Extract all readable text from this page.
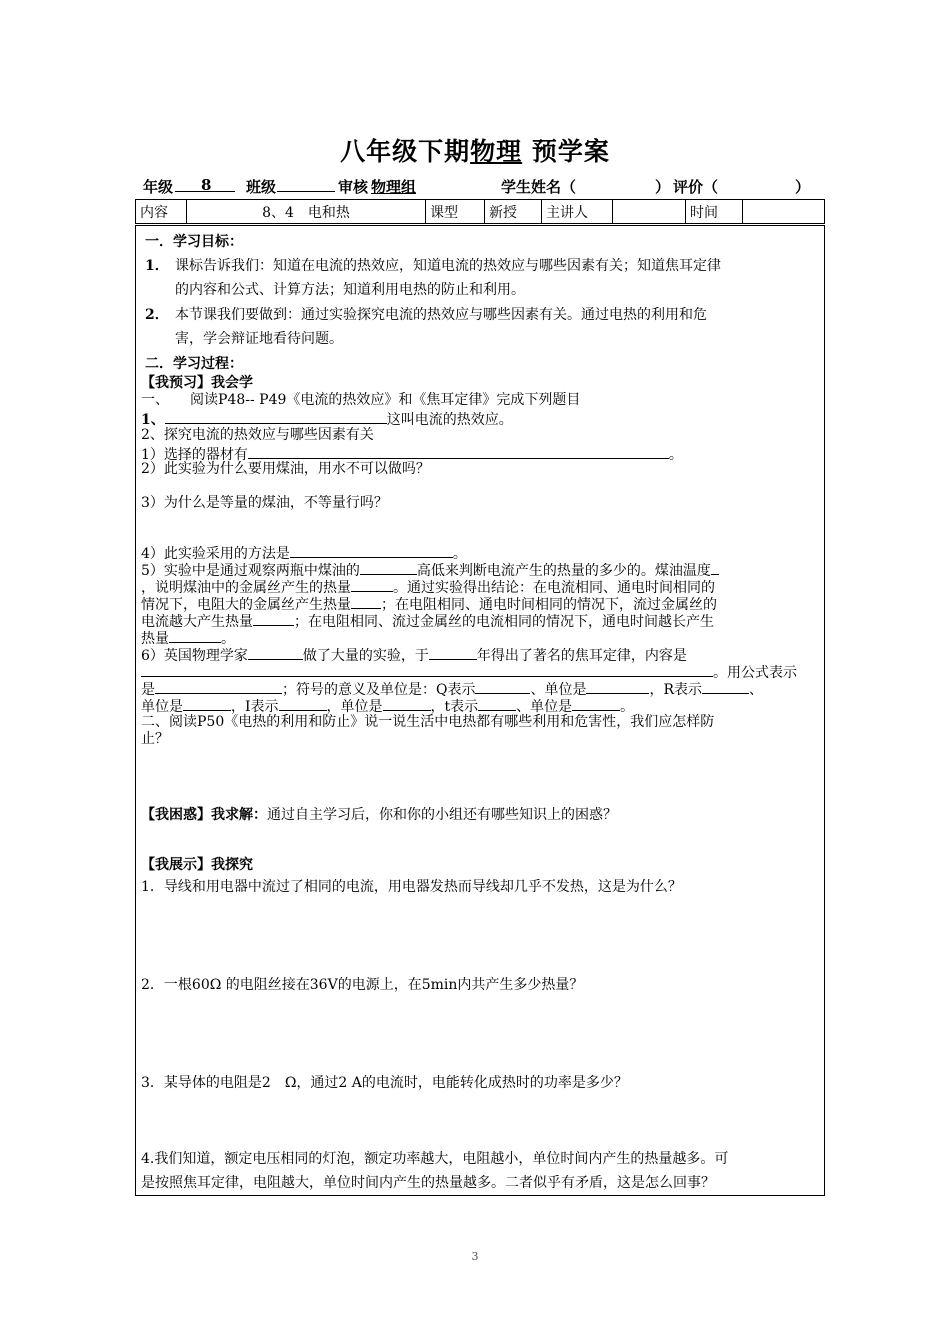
八年级下期物理 预学案
年级	8	班级	审核 物理组	学生姓名（	） 评价（	）
内容	8、4　电和热	课型	新授	主讲人		时间	
一．学习目标：
1． 课标告诉我们：知道在电流的热效应，知道电流的热效应与哪些因素有关；知道焦耳定律
的内容和公式、计算方法；知道利用电热的防止和利用。
2． 本节课我们要做到：通过实验探究电流的热效应与哪些因素有关。通过电热的利用和危
害，学会辩证地看待问题。
二．学习过程：
【我预习】我会学
一、　　阅读P48-- P49《电流的热效应》和《焦耳定律》完成下列题目
1、	这叫电流的热效应。
2、探究电流的热效应与哪些因素有关
1）选择的器材有	。
2）此实验为什么要用煤油，用水不可以做吗？
3）为什么是等量的煤油，不等量行吗？
4）此实验采用的方法是	。
5）实验中是通过观察两瓶中煤油的	高低来判断电流产生的热量的多少的。煤油温度
，说明煤油中的金属丝产生的热量	。通过实验得出结论：在电流相同、通电时间相同的
情况下，电阻大的金属丝产生热量 ；在电阻相同、通电时间相同的情况下，流过金属丝的
电流越大产生热量	；在电阻相同、流过金属丝的电流相同的情况下，通电时间越长产生
热量	。
6）英国物理学家	做了大量的实验，于	年得出了著名的焦耳定律，内容是
。用公式表示
是	；符号的意义及单位是：Q表示	、单位是	，R表示	、
单位是	，I表示	，单位是	，t表示	、单位是	。
二、阅读P50《电热的利用和防止》说一说生活中电热都有哪些利用和危害性，我们应怎样防
止？
【我困惑】我求解：通过自主学习后，你和你的小组还有哪些知识上的困惑？
【我展示】我探究
1．导线和用电器中流过了相同的电流，用电器发热而导线却几乎不发热，这是为什么？
2．一根60Ω 的电阻丝接在36V的电源上，在5min内共产生多少热量？
3．某导体的电阻是2　Ω，通过2 A的电流时，电能转化成热时的功率是多少？
4.我们知道，额定电压相同的灯泡，额定功率越大，电阻越小，单位时间内产生的热量越多。可
是按照焦耳定律，电阻越大，单位时间内产生的热量越多。二者似乎有矛盾，这是怎么回事？
3
